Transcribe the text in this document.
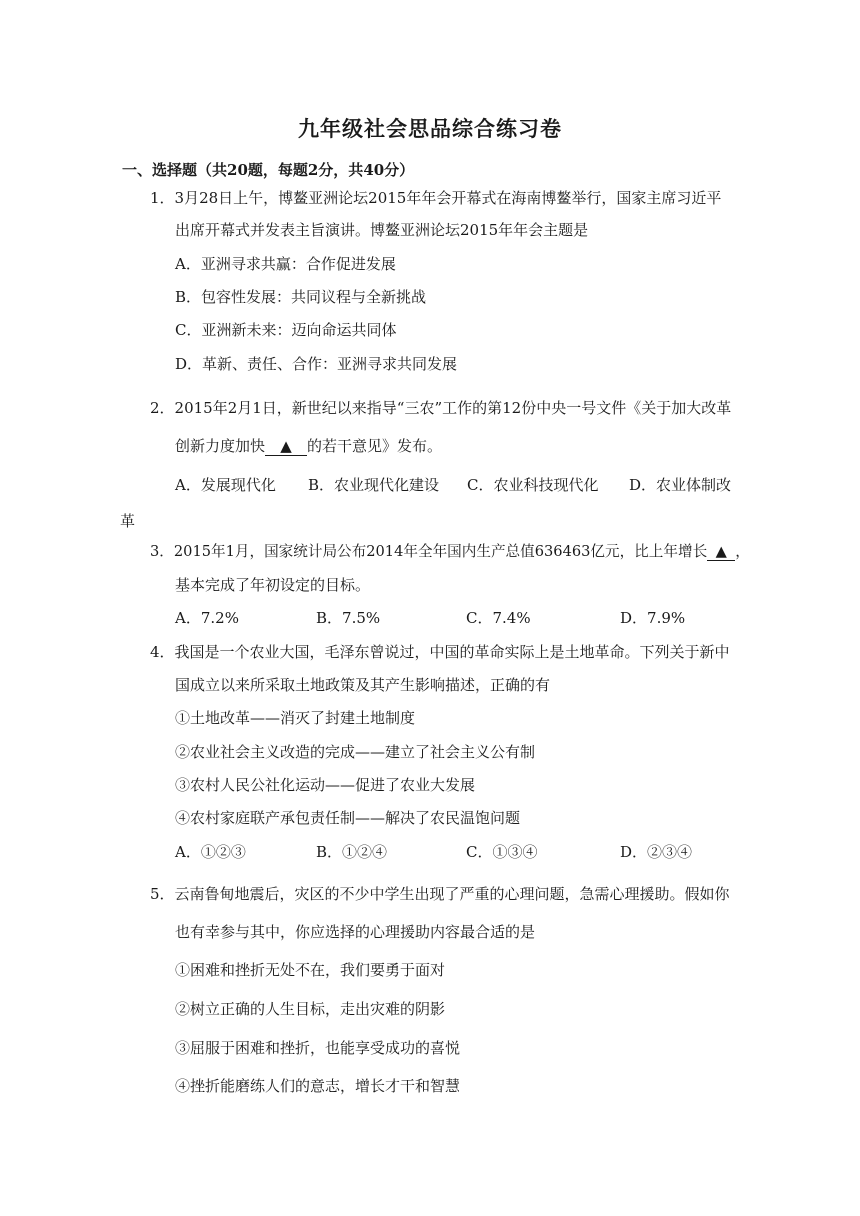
九年级社会思品综合练习卷
一、选择题（共20题，每题2分，共40分）
1．3月28日上午，博鳌亚洲论坛2015年年会开幕式在海南博鳌举行，国家主席习近平
出席开幕式并发表主旨演讲。博鳌亚洲论坛2015年年会主题是
A．亚洲寻求共赢：合作促进发展
B．包容性发展：共同议程与全新挑战
C．亚洲新未来：迈向命运共同体
D．革新、责任、合作：亚洲寻求共同发展
2．2015年2月1日，新世纪以来指导“三农”工作的第12份中央一号文件《关于加大改革
创新力度加快 ▲ 的若干意见》发布。
A．发展现代化 B．农业现代化建设 C．农业科技现代化 D．农业体制改
革
3．2015年1月，国家统计局公布2014年全年国内生产总值636463亿元，比上年增长 ▲ ，
基本完成了年初设定的目标。
A．7.2%	B．7.5%	C．7.4%	D．7.9%
4．我国是一个农业大国，毛泽东曾说过，中国的革命实际上是土地革命。下列关于新中
国成立以来所采取土地政策及其产生影响描述，正确的有
①土地改革——消灭了封建土地制度
②农业社会主义改造的完成——建立了社会主义公有制
③农村人民公社化运动——促进了农业大发展
④农村家庭联产承包责任制——解决了农民温饱问题
A．①②③	B．①②④	C．①③④	D．②③④
5．云南鲁甸地震后，灾区的不少中学生出现了严重的心理问题，急需心理援助。假如你
也有幸参与其中，你应选择的心理援助内容最合适的是
①困难和挫折无处不在，我们要勇于面对
②树立正确的人生目标，走出灾难的阴影
③屈服于困难和挫折，也能享受成功的喜悦
④挫折能磨练人们的意志，增长才干和智慧
